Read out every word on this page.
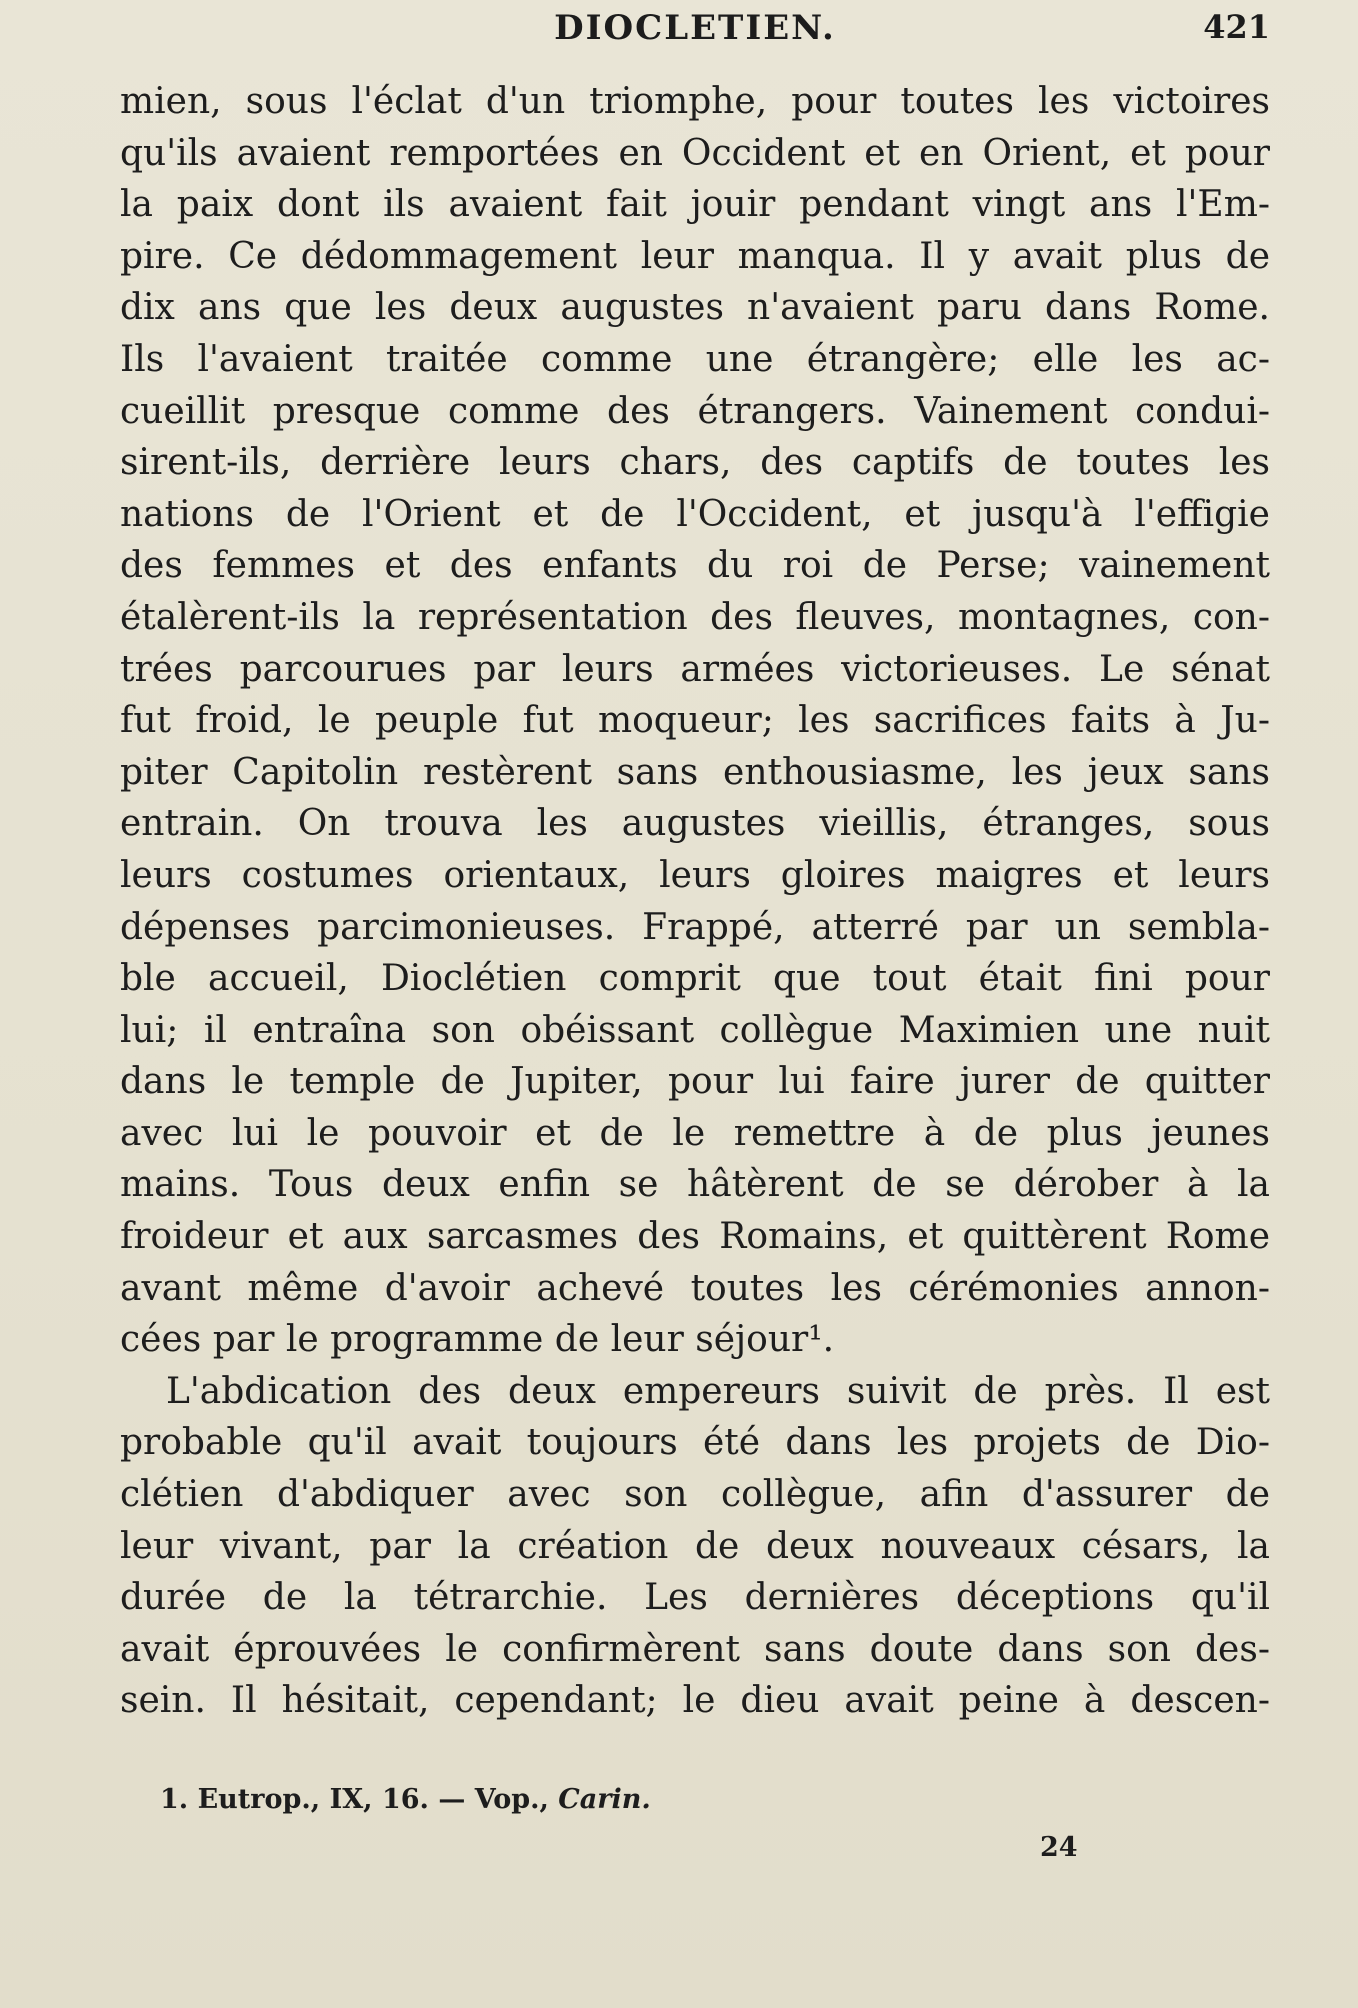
DIOCLETIEN.	421
mien, sous l'éclat d'un triomphe, pour toutes les victoires
qu'ils avaient remportées en Occident et en Orient, et pour
la paix dont ils avaient fait jouir pendant vingt ans l'Em-
pire. Ce dédommagement leur manqua. Il y avait plus de
dix ans que les deux augustes n'avaient paru dans Rome.
Ils l'avaient traitée comme une étrangère; elle les ac-
cueillit presque comme des étrangers. Vainement condui-
sirent-ils, derrière leurs chars, des captifs de toutes les
nations de l'Orient et de l'Occident, et jusqu'à l'effigie
des femmes et des enfants du roi de Perse; vainement
étalèrent-ils la représentation des fleuves, montagnes, con-
trées parcourues par leurs armées victorieuses. Le sénat
fut froid, le peuple fut moqueur; les sacrifices faits à Ju-
piter Capitolin restèrent sans enthousiasme, les jeux sans
entrain. On trouva les augustes vieillis, étranges, sous
leurs costumes orientaux, leurs gloires maigres et leurs
dépenses parcimonieuses. Frappé, atterré par un sembla-
ble accueil, Dioclétien comprit que tout était fini pour
lui; il entraîna son obéissant collègue Maximien une nuit
dans le temple de Jupiter, pour lui faire jurer de quitter
avec lui le pouvoir et de le remettre à de plus jeunes
mains. Tous deux enfin se hâtèrent de se dérober à la
froideur et aux sarcasmes des Romains, et quittèrent Rome
avant même d'avoir achevé toutes les cérémonies annon-
cées par le programme de leur séjour¹.
L'abdication des deux empereurs suivit de près. Il est
probable qu'il avait toujours été dans les projets de Dio-
clétien d'abdiquer avec son collègue, afin d'assurer de
leur vivant, par la création de deux nouveaux césars, la
durée de la tétrarchie. Les dernières déceptions qu'il
avait éprouvées le confirmèrent sans doute dans son des-
sein. Il hésitait, cependant; le dieu avait peine à descen-
1. Eutrop., IX, 16. — Vop., Carin.
24
